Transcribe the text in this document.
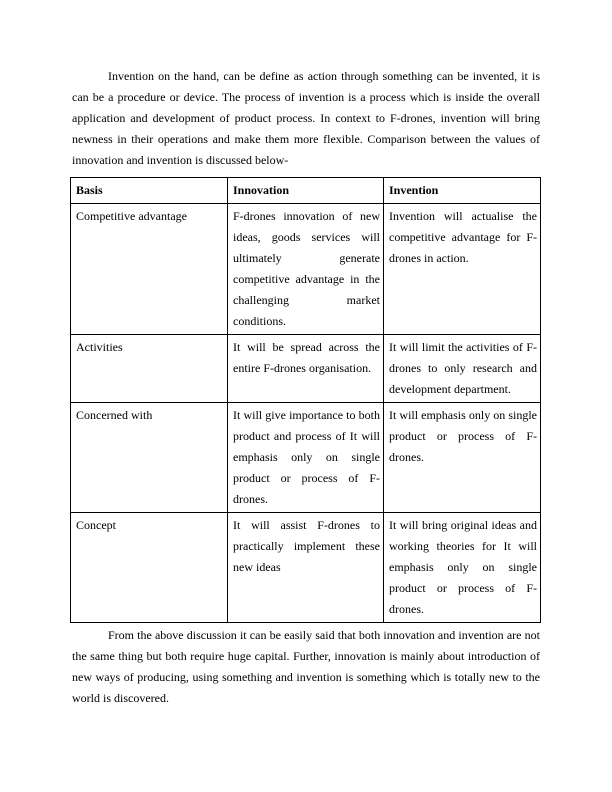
Invention on the hand, can be define as action through something can be invented, it is can be a procedure or device. The process of invention is a process which is inside the overall application and development of product process. In context to F-drones, invention will bring newness in their operations and make them more flexible. Comparison between the values of innovation and invention is discussed below-

Basis	Innovation	Invention
Competitive advantage	F-drones innovation of new ideas, goods services will ultimately generate competitive advantage in the challenging market conditions.	Invention will actualise the competitive advantage for F-drones in action.
Activities	It will be spread across the entire F-drones organisation.	It will limit the activities of F-drones to only research and development department.
Concerned with	It will give importance to both product and process of It will emphasis only on single product or process of F-drones.	It will emphasis only on single product or process of F-drones.
Concept	It will assist F-drones to practically implement these new ideas	It will bring original ideas and working theories for It will emphasis only on single product or process of F-drones.

From the above discussion it can be easily said that both innovation and invention are not the same thing but both require huge capital. Further, innovation is mainly about introduction of new ways of producing, using something and invention is something which is totally new to the world is discovered.
